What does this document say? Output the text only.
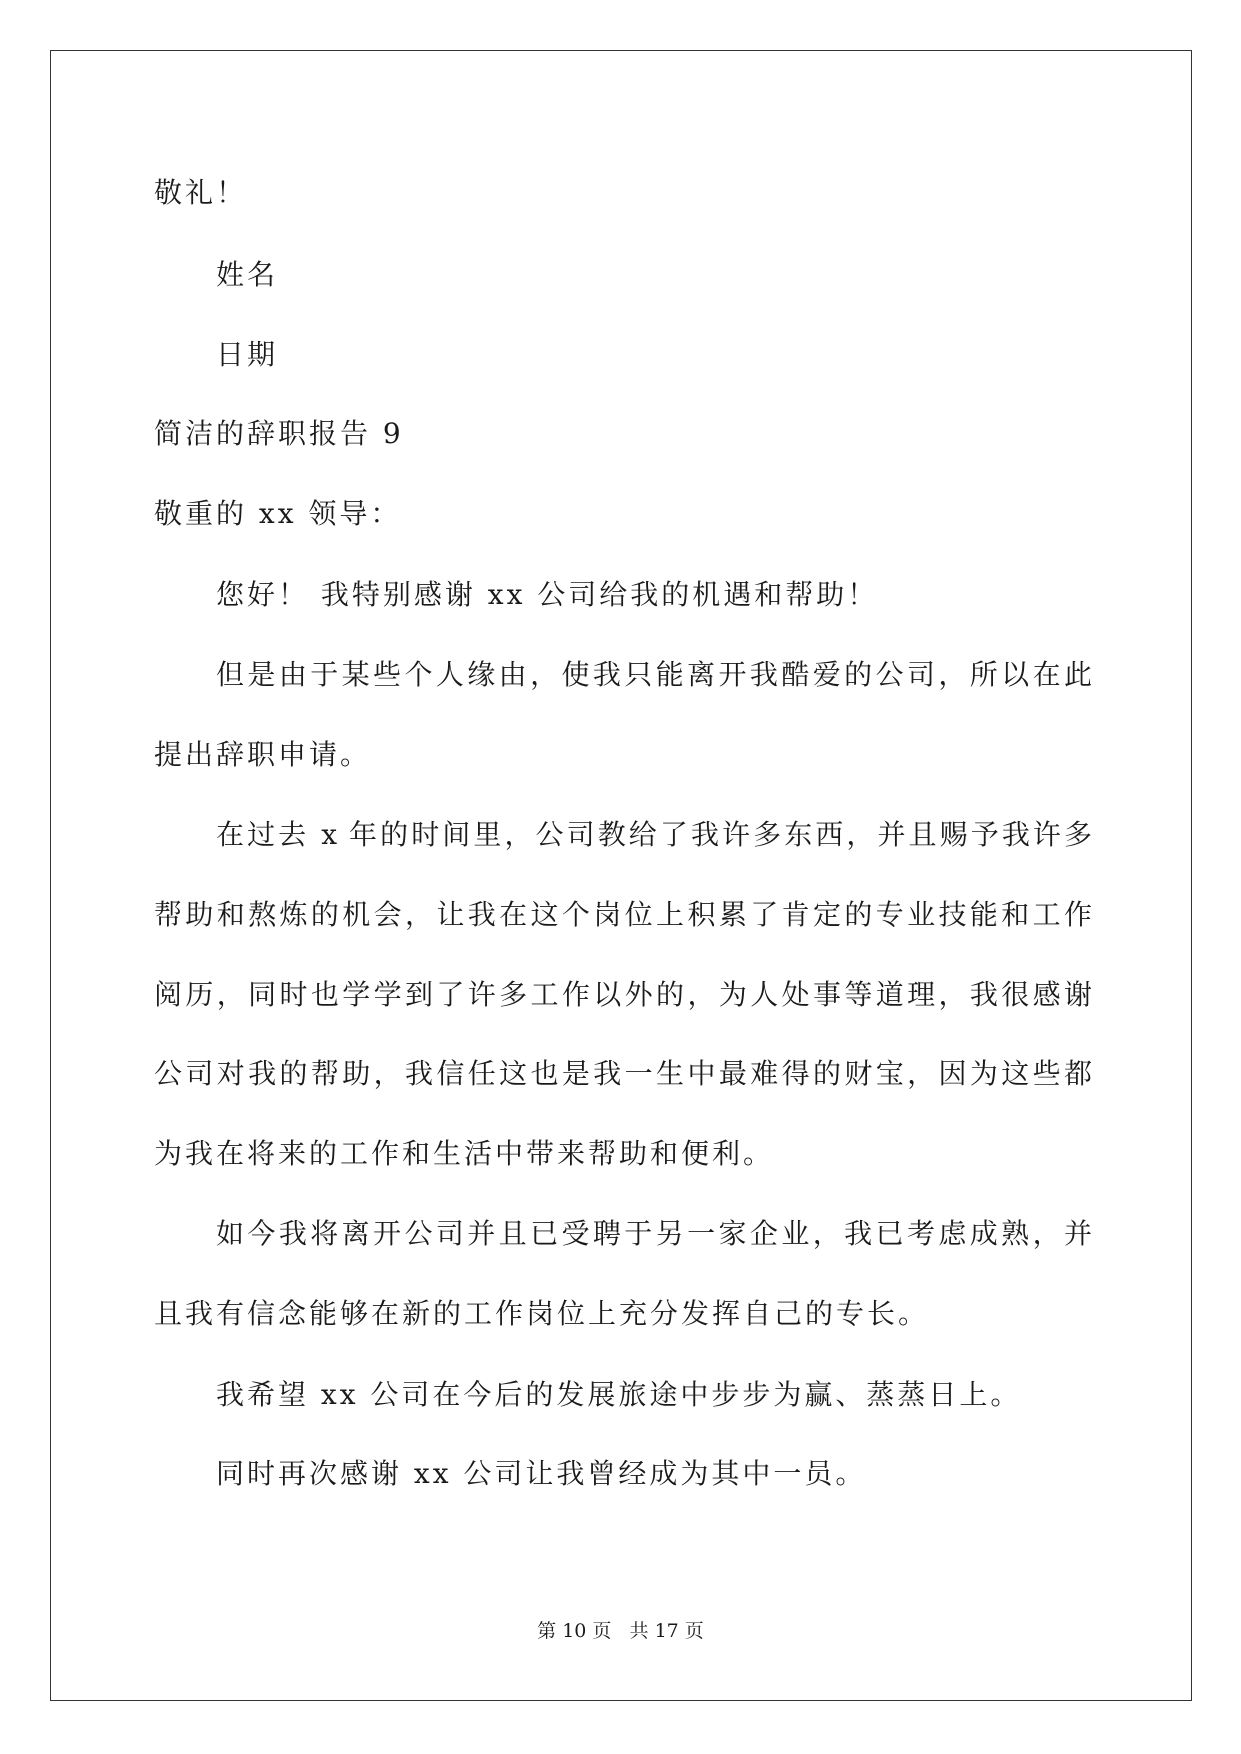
敬礼！
姓名
日期
简洁的辞职报告 9
敬重的 xx 领导：
您好！ 我特别感谢 xx 公司给我的机遇和帮助！
但是由于某些个人缘由，使我只能离开我酷爱的公司，所以在此
提出辞职申请。
在过去 x 年的时间里，公司教给了我许多东西，并且赐予我许多
帮助和熬炼的机会，让我在这个岗位上积累了肯定的专业技能和工作
阅历，同时也学学到了许多工作以外的，为人处事等道理，我很感谢
公司对我的帮助，我信任这也是我一生中最难得的财宝，因为这些都
为我在将来的工作和生活中带来帮助和便利。
如今我将离开公司并且已受聘于另一家企业，我已考虑成熟，并
且我有信念能够在新的工作岗位上充分发挥自己的专长。
我希望 xx 公司在今后的发展旅途中步步为赢、蒸蒸日上。
同时再次感谢 xx 公司让我曾经成为其中一员。
第 10 页   共 17 页
